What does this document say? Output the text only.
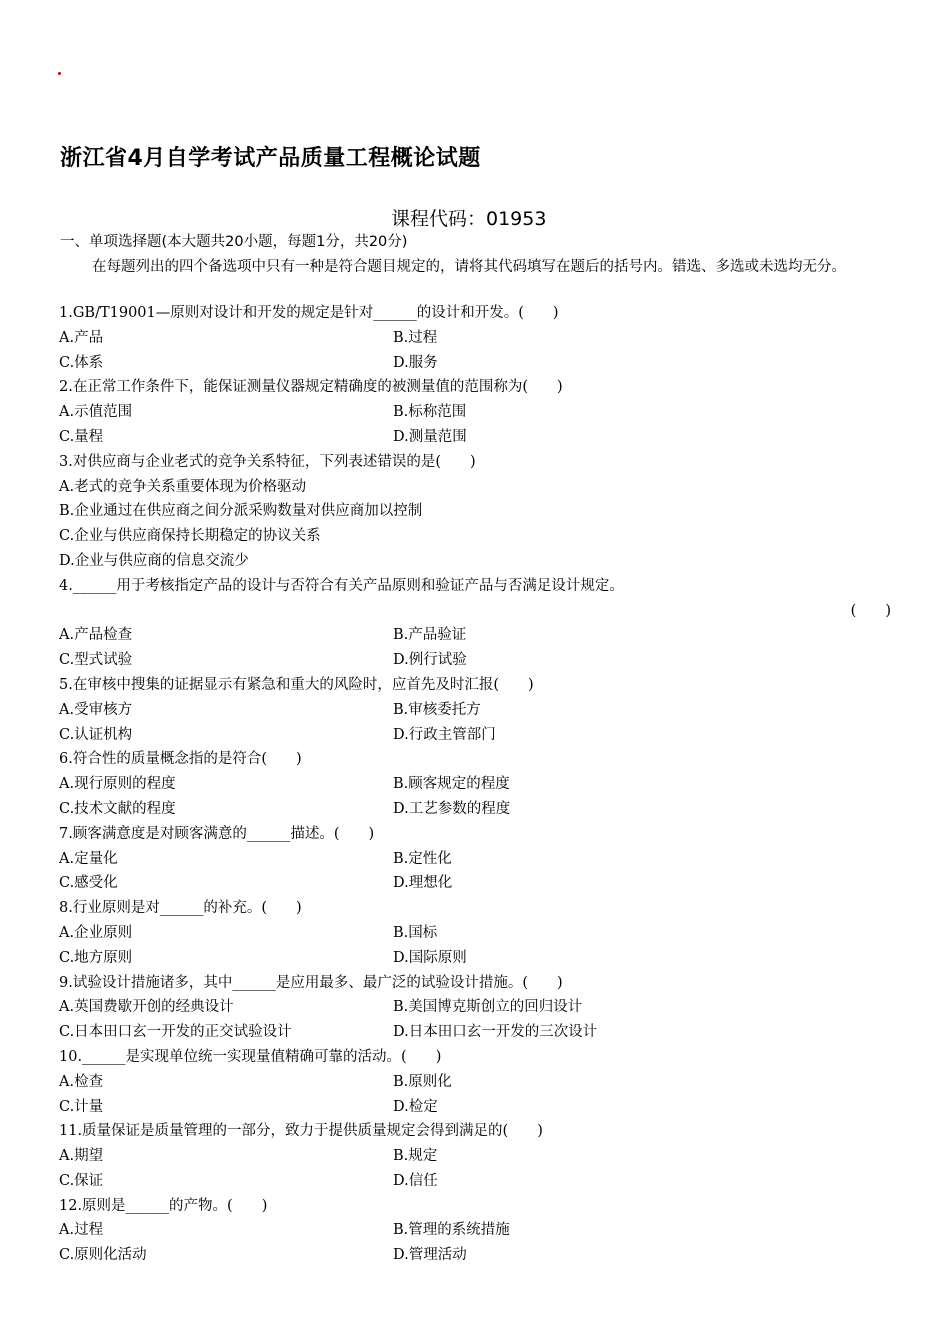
浙江省4月自学考试产品质量工程概论试题
课程代码：01953
一、单项选择题(本大题共20小题，每题1分，共20分)
在每题列出的四个备选项中只有一种是符合题目规定的，请将其代码填写在题后的括号内。错选、多选或未选均无分。
1.GB/T19001—原则对设计和开发的规定是针对______的设计和开发。(　　)
A.产品	B.过程
C.体系	D.服务
2.在正常工作条件下，能保证测量仪器规定精确度的被测量值的范围称为(　　)
A.示值范围	B.标称范围
C.量程	D.测量范围
3.对供应商与企业老式的竞争关系特征，下列表述错误的是(　　)
A.老式的竞争关系重要体现为价格驱动
B.企业通过在供应商之间分派采购数量对供应商加以控制
C.企业与供应商保持长期稳定的协议关系
D.企业与供应商的信息交流少
4.______用于考核指定产品的设计与否符合有关产品原则和验证产品与否满足设计规定。
(　　)
A.产品检查	B.产品验证
C.型式试验	D.例行试验
5.在审核中搜集的证据显示有紧急和重大的风险时，应首先及时汇报(　　)
A.受审核方	B.审核委托方
C.认证机构	D.行政主管部门
6.符合性的质量概念指的是符合(　　)
A.现行原则的程度	B.顾客规定的程度
C.技术文献的程度	D.工艺参数的程度
7.顾客满意度是对顾客满意的______描述。(　　)
A.定量化	B.定性化
C.感受化	D.理想化
8.行业原则是对______的补充。(　　)
A.企业原则	B.国标
C.地方原则	D.国际原则
9.试验设计措施诸多，其中______是应用最多、最广泛的试验设计措施。(　　)
A.英国费歇开创的经典设计	B.美国博克斯创立的回归设计
C.日本田口玄一开发的正交试验设计	D.日本田口玄一开发的三次设计
10.______是实现单位统一实现量值精确可靠的活动。(　　)
A.检查	B.原则化
C.计量	D.检定
11.质量保证是质量管理的一部分，致力于提供质量规定会得到满足的(　　)
A.期望	B.规定
C.保证	D.信任
12.原则是______的产物。(　　)
A.过程	B.管理的系统措施
C.原则化活动	D.管理活动
